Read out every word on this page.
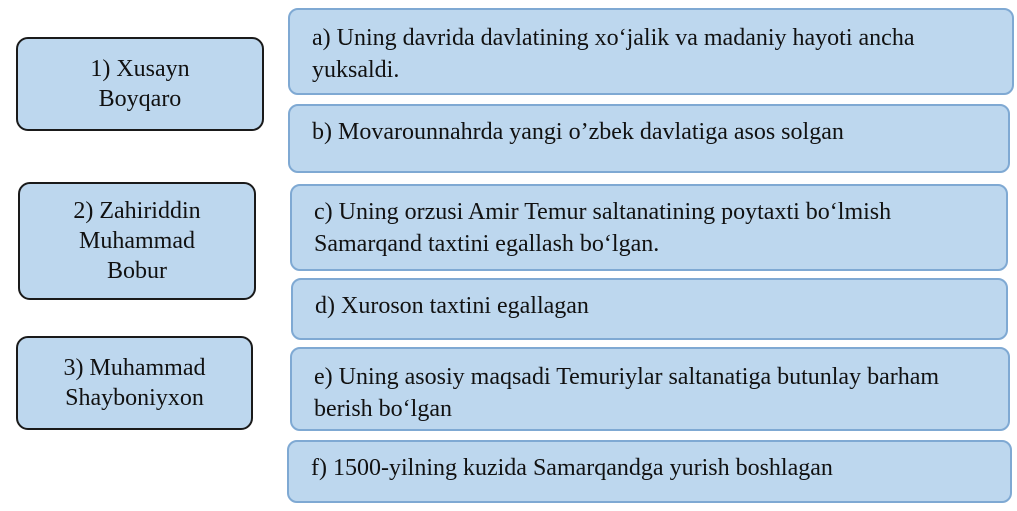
1) Xusayn
Boyqaro
2) Zahiriddin
Muhammad
Bobur
3) Muhammad
Shayboniyxon
a) Uning davrida davlatining xo‘jalik va madaniy hayoti ancha yuksaldi.
b) Movarounnahrda yangi o’zbek davlatiga asos solgan
c) Uning orzusi Amir Temur saltanatining poytaxti bo‘lmish Samarqand taxtini egallash bo‘lgan.
d) Xuroson taxtini egallagan
e) Uning asosiy maqsadi Temuriylar saltanatiga butunlay barham berish bo‘lgan
f) 1500-yilning kuzida Samarqandga yurish boshlagan
